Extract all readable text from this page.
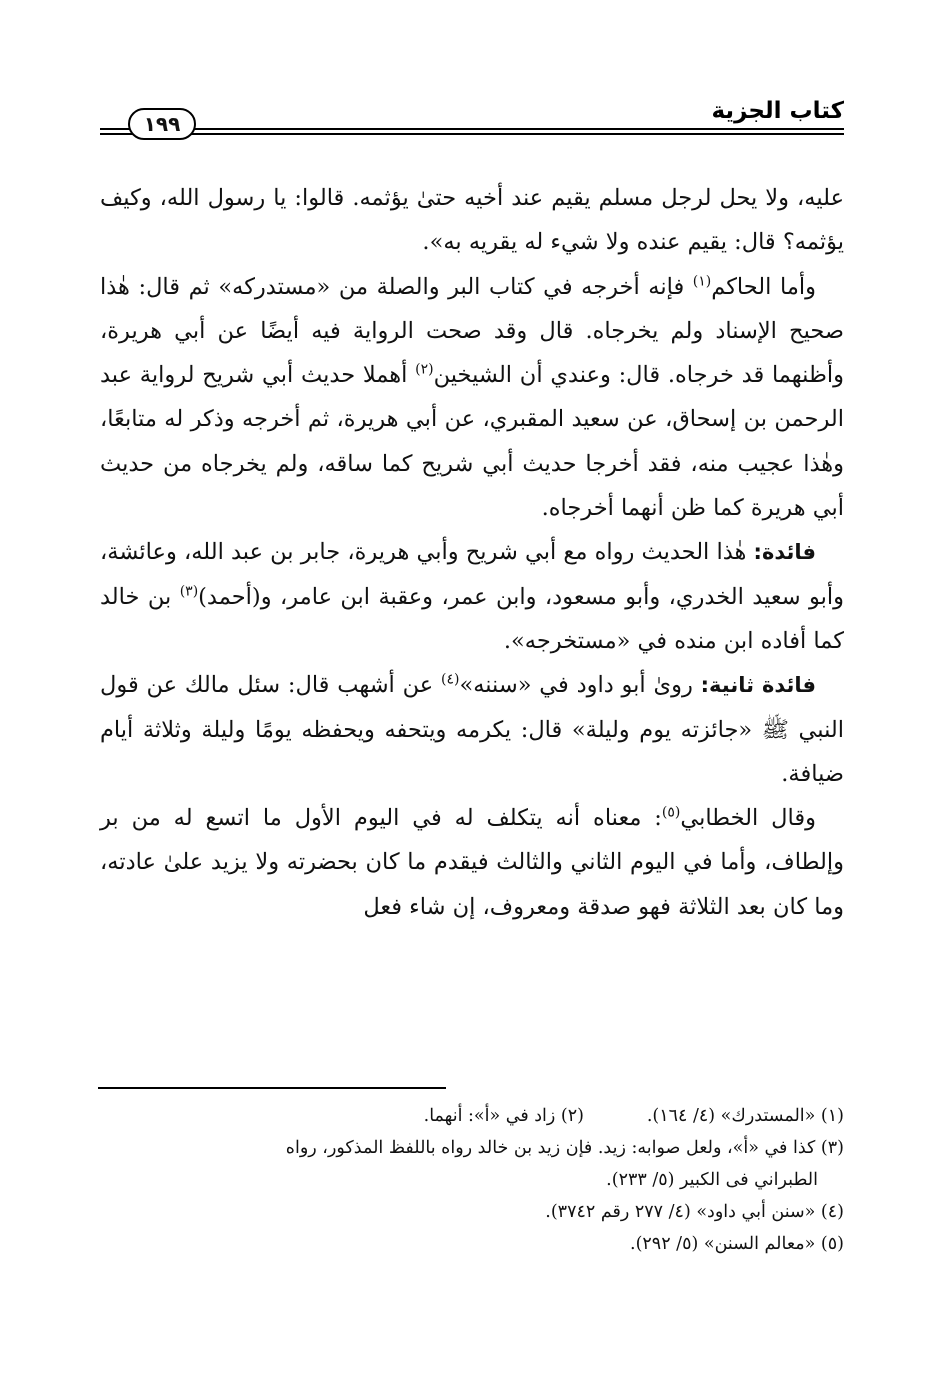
كتاب الجزية
١٩٩

عليه، ولا يحل لرجل مسلم يقيم عند أخيه حتىٰ يؤثمه. قالوا: يا رسول الله، وكيف يؤثمه؟ قال: يقيم عنده ولا شيء له يقريه به».

وأما الحاكم$^{(١)}$ فإنه أخرجه في كتاب البر والصلة من «مستدركه» ثم قال: هٰذا صحيح الإسناد ولم يخرجاه. قال وقد صحت الرواية فيه أيضًا عن أبي هريرة، وأظنهما قد خرجاه. قال: وعندي أن الشيخين$^{(٢)}$ أهملا حديث أبي شريح لرواية عبد الرحمن بن إسحاق، عن سعيد المقبري، عن أبي هريرة، ثم أخرجه وذكر له متابعًا، وهٰذا عجيب منه، فقد أخرجا حديث أبي شريح كما ساقه، ولم يخرجاه من حديث أبي هريرة كما ظن أنهما أخرجاه.

فائدة: هٰذا الحديث رواه مع أبي شريح وأبي هريرة، جابر بن عبد الله، وعائشة، وأبو سعيد الخدري، وأبو مسعود، وابن عمر، وعقبة ابن عامر، و(أحمد)$^{(٣)}$ بن خالد كما أفاده ابن منده في «مستخرجه».

فائدة ثانية: روىٰ أبو داود في «سننه»$^{(٤)}$ عن أشهب قال: سئل مالك عن قول النبي ﷺ «جائزته يوم وليلة» قال: يكرمه ويتحفه ويحفظه يومًا وليلة وثلاثة أيام ضيافة.

وقال الخطابي$^{(٥)}$: معناه أنه يتكلف له في اليوم الأول ما اتسع له من بر وإلطاف، وأما في اليوم الثاني والثالث فيقدم ما كان بحضرته ولا يزيد علىٰ عادته، وما كان بعد الثلاثة فهو صدقة ومعروف، إن شاء فعل

(١) «المستدرك» (٤/ ١٦٤).
(٢) زاد في «أ»: أنهما.

(٣) كذا في «أ»، ولعل صوابه: زيد. فإن زيد بن خالد رواه باللفظ المذكور، رواه

الطبراني فى الكبير (٥/ ٢٣٣).

(٤) «سنن أبي داود» (٤/ ٢٧٧ رقم ٣٧٤٢).

(٥) «معالم السنن» (٥/ ٢٩٢).
